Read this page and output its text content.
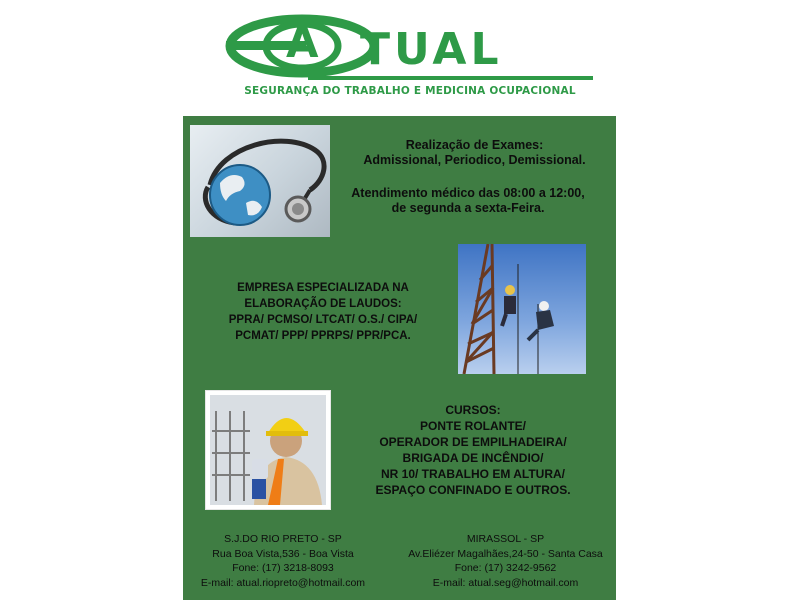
A TUAL
SEGURANÇA DO TRABALHO E MEDICINA OCUPACIONAL
Realização de Exames:
Admissional, Periodico, Demissional.
Atendimento médico das 08:00 a 12:00,
de segunda a sexta-Feira.
EMPRESA ESPECIALIZADA NA
ELABORAÇÃO DE LAUDOS:
PPRA/ PCMSO/ LTCAT/ O.S./ CIPA/
PCMAT/ PPP/ PPRPS/ PPR/PCA.
CURSOS:
PONTE ROLANTE/
OPERADOR DE EMPILHADEIRA/
BRIGADA DE INCÊNDIO/
NR 10/ TRABALHO EM ALTURA/
ESPAÇO CONFINADO E OUTROS.
S.J.DO RIO PRETO - SP
Rua Boa Vista,536 - Boa Vista
Fone: (17) 3218-8093
E-mail: atual.riopreto@hotmail.com
MIRASSOL - SP
Av.Eliézer Magalhães,24-50 - Santa Casa
Fone: (17) 3242-9562
E-mail: atual.seg@hotmail.com
